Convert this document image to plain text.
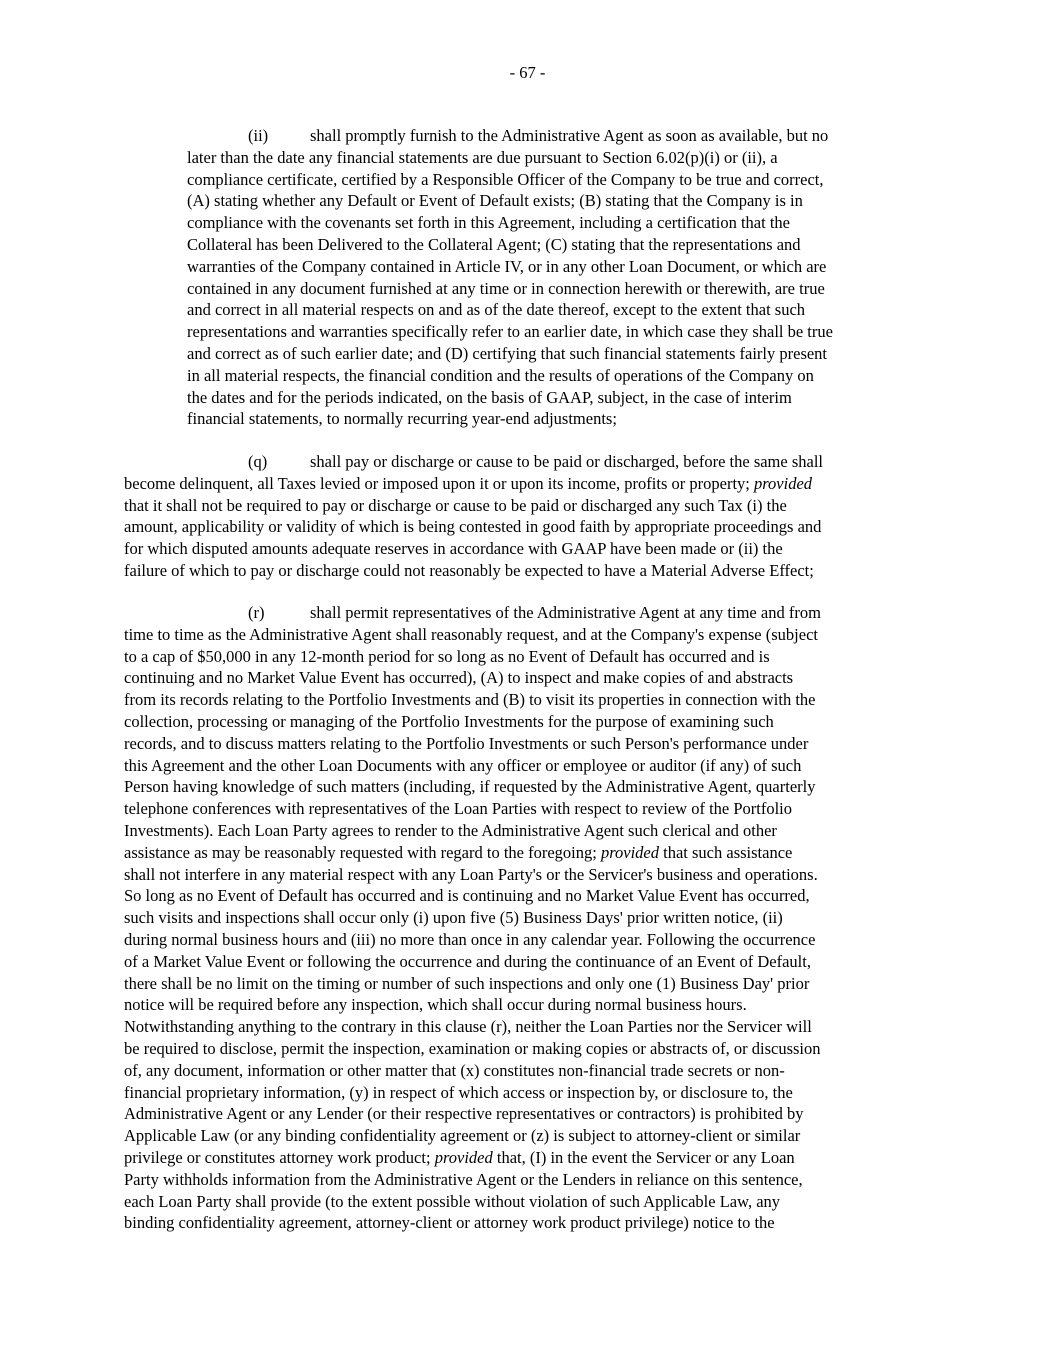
- 67 -
(ii)	shall promptly furnish to the Administrative Agent as soon as available, but no
later than the date any financial statements are due pursuant to Section 6.02(p)(i) or (ii), a
compliance certificate, certified by a Responsible Officer of the Company to be true and correct,
(A) stating whether any Default or Event of Default exists; (B) stating that the Company is in
compliance with the covenants set forth in this Agreement, including a certification that the
Collateral has been Delivered to the Collateral Agent; (C) stating that the representations and
warranties of the Company contained in Article IV, or in any other Loan Document, or which are
contained in any document furnished at any time or in connection herewith or therewith, are true
and correct in all material respects on and as of the date thereof, except to the extent that such
representations and warranties specifically refer to an earlier date, in which case they shall be true
and correct as of such earlier date; and (D) certifying that such financial statements fairly present
in all material respects, the financial condition and the results of operations of the Company on
the dates and for the periods indicated, on the basis of GAAP, subject, in the case of interim
financial statements, to normally recurring year-end adjustments;
(q)	shall pay or discharge or cause to be paid or discharged, before the same shall
become delinquent, all Taxes levied or imposed upon it or upon its income, profits or property; provided
that it shall not be required to pay or discharge or cause to be paid or discharged any such Tax (i) the
amount, applicability or validity of which is being contested in good faith by appropriate proceedings and
for which disputed amounts adequate reserves in accordance with GAAP have been made or (ii) the
failure of which to pay or discharge could not reasonably be expected to have a Material Adverse Effect;
(r)	shall permit representatives of the Administrative Agent at any time and from
time to time as the Administrative Agent shall reasonably request, and at the Company's expense (subject
to a cap of $50,000 in any 12-month period for so long as no Event of Default has occurred and is
continuing and no Market Value Event has occurred), (A) to inspect and make copies of and abstracts
from its records relating to the Portfolio Investments and (B) to visit its properties in connection with the
collection, processing or managing of the Portfolio Investments for the purpose of examining such
records, and to discuss matters relating to the Portfolio Investments or such Person's performance under
this Agreement and the other Loan Documents with any officer or employee or auditor (if any) of such
Person having knowledge of such matters (including, if requested by the Administrative Agent, quarterly
telephone conferences with representatives of the Loan Parties with respect to review of the Portfolio
Investments). Each Loan Party agrees to render to the Administrative Agent such clerical and other
assistance as may be reasonably requested with regard to the foregoing; provided that such assistance
shall not interfere in any material respect with any Loan Party's or the Servicer's business and operations.
So long as no Event of Default has occurred and is continuing and no Market Value Event has occurred,
such visits and inspections shall occur only (i) upon five (5) Business Days' prior written notice, (ii)
during normal business hours and (iii) no more than once in any calendar year. Following the occurrence
of a Market Value Event or following the occurrence and during the continuance of an Event of Default,
there shall be no limit on the timing or number of such inspections and only one (1) Business Day' prior
notice will be required before any inspection, which shall occur during normal business hours.
Notwithstanding anything to the contrary in this clause (r), neither the Loan Parties nor the Servicer will
be required to disclose, permit the inspection, examination or making copies or abstracts of, or discussion
of, any document, information or other matter that (x) constitutes non-financial trade secrets or non-
financial proprietary information, (y) in respect of which access or inspection by, or disclosure to, the
Administrative Agent or any Lender (or their respective representatives or contractors) is prohibited by
Applicable Law (or any binding confidentiality agreement or (z) is subject to attorney-client or similar
privilege or constitutes attorney work product; provided that, (I) in the event the Servicer or any Loan
Party withholds information from the Administrative Agent or the Lenders in reliance on this sentence,
each Loan Party shall provide (to the extent possible without violation of such Applicable Law, any
binding confidentiality agreement, attorney-client or attorney work product privilege) notice to the
